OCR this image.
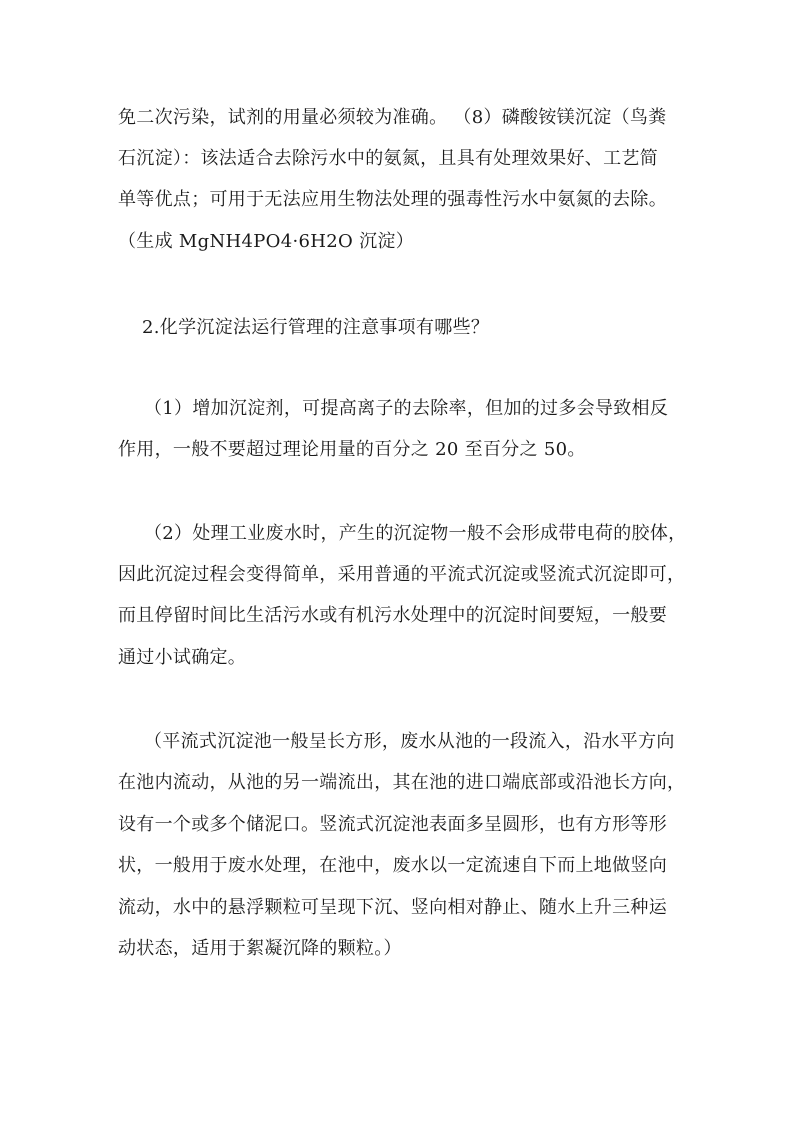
免二次污染，试剂的用量必须较为准确。 （8）磷酸铵镁沉淀（鸟粪
石沉淀）：该法适合去除污水中的氨氮，且具有处理效果好、工艺简
单等优点；可用于无法应用生物法处理的强毒性污水中氨氮的去除。
（生成 MgNH4PO4·6H2O 沉淀）
2.化学沉淀法运行管理的注意事项有哪些？
（1）增加沉淀剂，可提高离子的去除率，但加的过多会导致相反
作用，一般不要超过理论用量的百分之 20 至百分之 50。
（2）处理工业废水时，产生的沉淀物一般不会形成带电荷的胶体，
因此沉淀过程会变得简单，采用普通的平流式沉淀或竖流式沉淀即可，
而且停留时间比生活污水或有机污水处理中的沉淀时间要短，一般要
通过小试确定。
（平流式沉淀池一般呈长方形，废水从池的一段流入，沿水平方向
在池内流动，从池的另一端流出，其在池的进口端底部或沿池长方向，
设有一个或多个储泥口。竖流式沉淀池表面多呈圆形，也有方形等形
状，一般用于废水处理，在池中，废水以一定流速自下而上地做竖向
流动，水中的悬浮颗粒可呈现下沉、竖向相对静止、随水上升三种运
动状态，适用于絮凝沉降的颗粒。）
